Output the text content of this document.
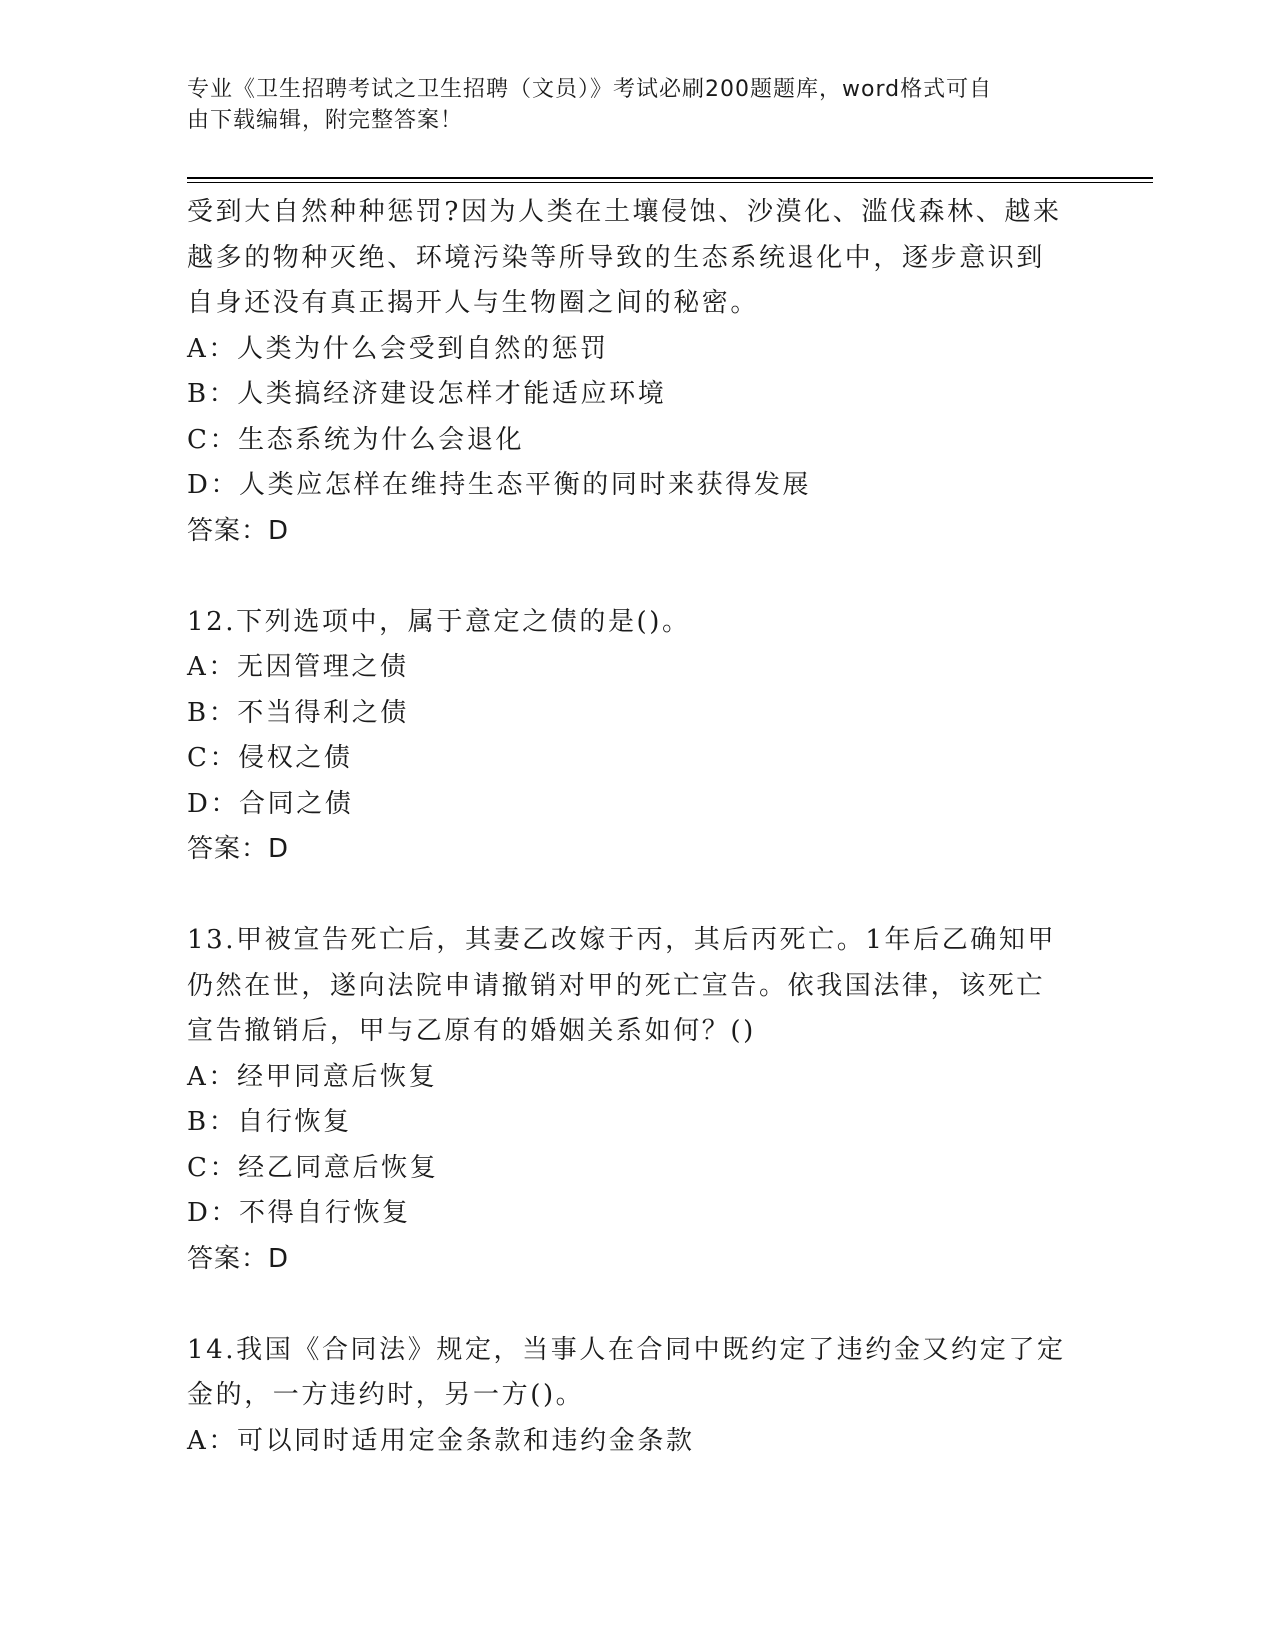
专业《卫生招聘考试之卫生招聘（文员）》考试必刷200题题库，word格式可自
由下载编辑，附完整答案！
受到大自然种种惩罚?因为人类在土壤侵蚀、沙漠化、滥伐森林、越来
越多的物种灭绝、环境污染等所导致的生态系统退化中，逐步意识到
自身还没有真正揭开人与生物圈之间的秘密。
A：人类为什么会受到自然的惩罚
B：人类搞经济建设怎样才能适应环境
C：生态系统为什么会退化
D：人类应怎样在维持生态平衡的同时来获得发展
答案：D
12.下列选项中，属于意定之债的是()。
A：无因管理之债
B：不当得利之债
C：侵权之债
D：合同之债
答案：D
13.甲被宣告死亡后，其妻乙改嫁于丙，其后丙死亡。1年后乙确知甲
仍然在世，遂向法院申请撤销对甲的死亡宣告。依我国法律，该死亡
宣告撤销后，甲与乙原有的婚姻关系如何？()
A：经甲同意后恢复
B：自行恢复
C：经乙同意后恢复
D：不得自行恢复
答案：D
14.我国《合同法》规定，当事人在合同中既约定了违约金又约定了定
金的，一方违约时，另一方()。
A：可以同时适用定金条款和违约金条款
